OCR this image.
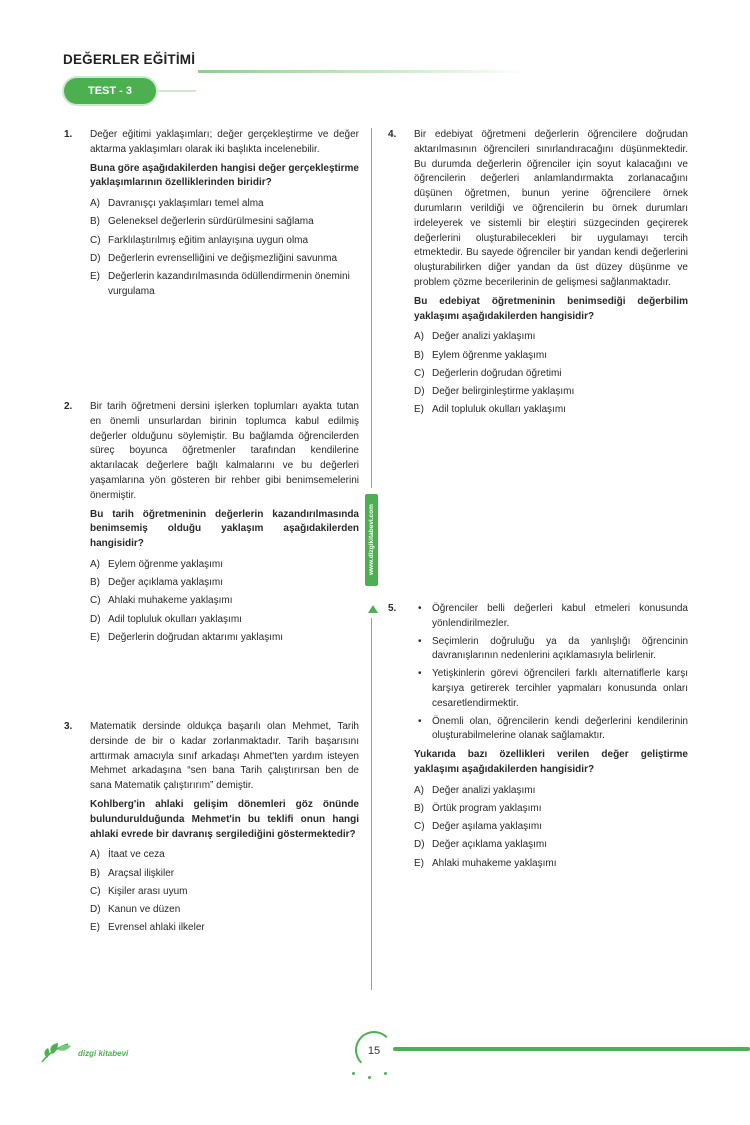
DEĞERLER EĞİTİMİ
TEST - 3
1. Değer eğitimi yaklaşımları; değer gerçekleştirme ve değer aktarma yaklaşımları olarak iki başlıkta incelenebilir.
Buna göre aşağıdakilerden hangisi değer gerçekleştirme yaklaşımlarının özelliklerinden biridir?
A) Davranışçı yaklaşımları temel alma
B) Geleneksel değerlerin sürdürülmesini sağlama
C) Farklılaştırılmış eğitim anlayışına uygun olma
D) Değerlerin evrenselliğini ve değişmezliğini savunma
E) Değerlerin kazandırılmasında ödüllendirmenin önemini vurgulama
2. Bir tarih öğretmeni dersini işlerken toplumları ayakta tutan en önemli unsurlardan birinin toplumca kabul edilmiş değerler olduğunu söylemiştir. Bu bağlamda öğrencilerden süreç boyunca öğretmenler tarafından kendilerine aktarılacak değerlere bağlı kalmalarını ve bu değerleri yaşamlarına yön gösteren bir rehber gibi benimsemelerini önermiştir.
Bu tarih öğretmeninin değerlerin kazandırılmasında benimsemiş olduğu yaklaşım aşağıdakilerden hangisidir?
A) Eylem öğrenme yaklaşımı
B) Değer açıklama yaklaşımı
C) Ahlaki muhakeme yaklaşımı
D) Adil topluluk okulları yaklaşımı
E) Değerlerin doğrudan aktarımı yaklaşımı
3. Matematik dersinde oldukça başarılı olan Mehmet, Tarih dersinde de bir o kadar zorlanmaktadır. Tarih başarısını arttırmak amacıyla sınıf arkadaşı Ahmet'ten yardım isteyen Mehmet arkadaşına “sen bana Tarih çalıştırırsan ben de sana Matematik çalıştırırım” demiştir.
Kohlberg'in ahlaki gelişim dönemleri göz önünde bulundurulduğunda Mehmet'in bu teklifi onun hangi ahlaki evrede bir davranış sergilediğini göstermektedir?
A) İtaat ve ceza
B) Araçsal ilişkiler
C) Kişiler arası uyum
D) Kanun ve düzen
E) Evrensel ahlaki ilkeler
www.dizgikitabevi.com
4. Bir edebiyat öğretmeni değerlerin öğrencilere doğrudan aktarılmasının öğrencileri sınırlandıracağını düşünmektedir. Bu durumda değerlerin öğrenciler için soyut kalacağını ve öğrencilerin değerleri anlamlandırmakta zorlanacağını düşünen öğretmen, bunun yerine öğrencilere örnek durumların verildiği ve öğrencilerin bu örnek durumları irdeleyerek ve sistemli bir eleştiri süzgecinden geçirerek değerlerini oluşturabilecekleri bir uygulamayı tercih etmektedir. Bu sayede öğrenciler bir yandan kendi değerlerini oluşturabilirken diğer yandan da üst düzey düşünme ve problem çözme becerilerinin de gelişmesi sağlanmaktadır.
Bu edebiyat öğretmeninin benimsediği değerbilim yaklaşımı aşağıdakilerden hangisidir?
A) Değer analizi yaklaşımı
B) Eylem öğrenme yaklaşımı
C) Değerlerin doğrudan öğretimi
D) Değer belirginleştirme yaklaşımı
E) Adil topluluk okulları yaklaşımı
5.
•	Öğrenciler belli değerleri kabul etmeleri konusunda yönlendirilmezler.
• Seçimlerin doğruluğu ya da yanlışlığı öğrencinin davranışlarının nedenlerini açıklamasıyla belirlenir.
• Yetişkinlerin görevi öğrencileri farklı alternatiflerle karşı karşıya getirerek tercihler yapmaları konusunda onları cesaretlendirmektir.
• Önemli olan, öğrencilerin kendi değerlerini kendilerinin oluşturabilmelerine olanak sağlamaktır.
Yukarıda bazı özellikleri verilen değer geliştirme yaklaşımı aşağıdakilerden hangisidir?
A) Değer analizi yaklaşımı
B) Örtük program yaklaşımı
C) Değer aşılama yaklaşımı
D) Değer açıklama yaklaşımı
E) Ahlaki muhakeme yaklaşımı
dizgi kitabevi	15
